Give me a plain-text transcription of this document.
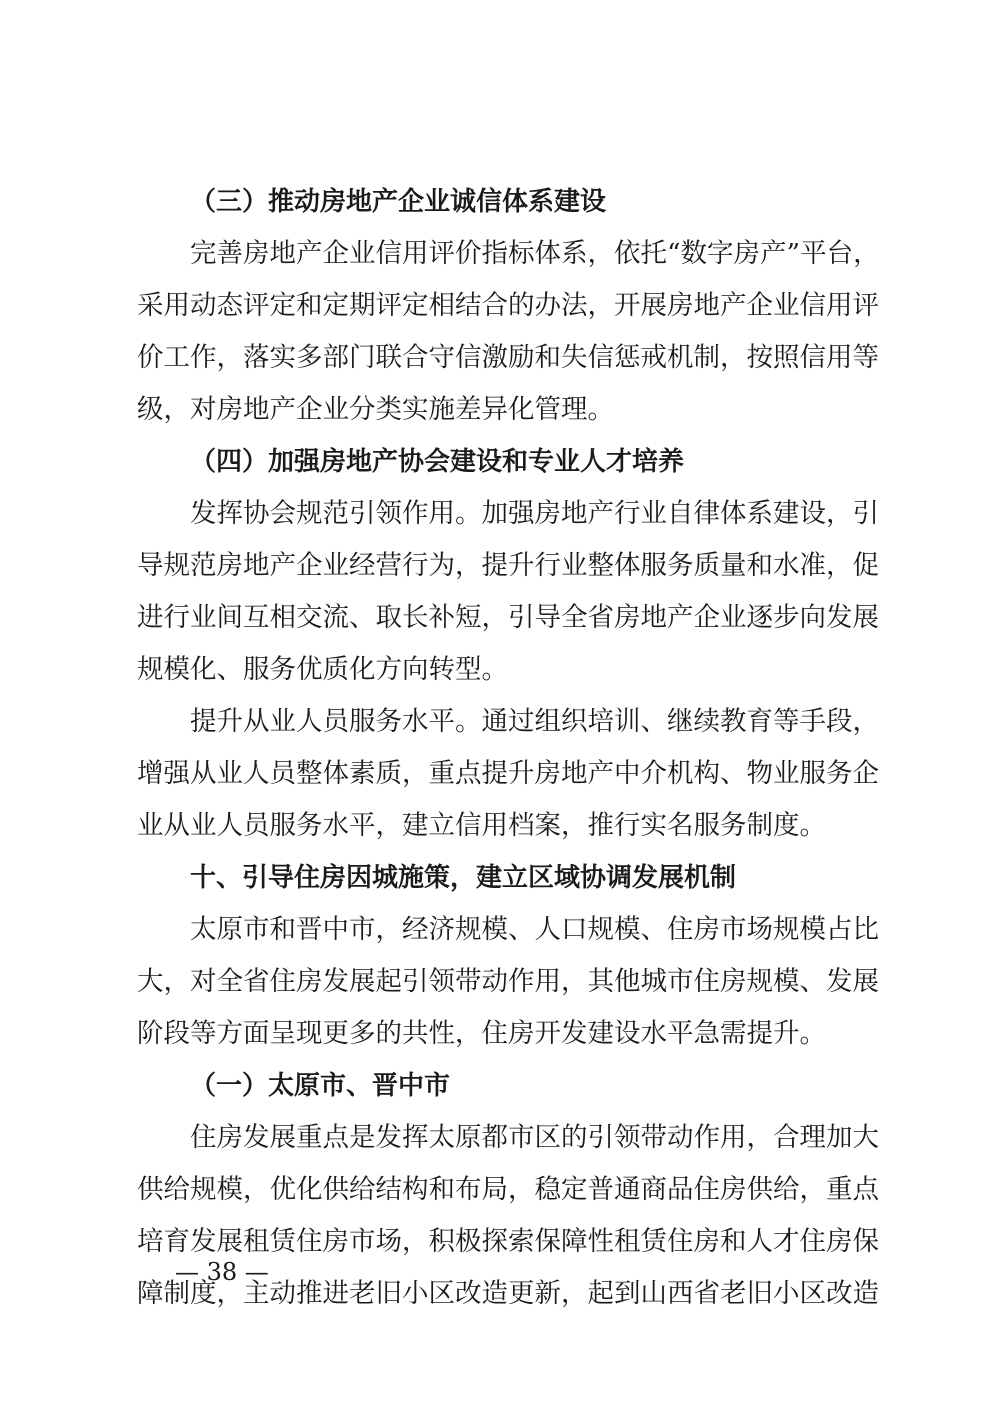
（三）推动房地产企业诚信体系建设
完善房地产企业信用评价指标体系，依托“数字房产”平台，
采用动态评定和定期评定相结合的办法，开展房地产企业信用评
价工作，落实多部门联合守信激励和失信惩戒机制，按照信用等
级，对房地产企业分类实施差异化管理。
（四）加强房地产协会建设和专业人才培养
发挥协会规范引领作用。加强房地产行业自律体系建设，引
导规范房地产企业经营行为，提升行业整体服务质量和水准，促
进行业间互相交流、取长补短，引导全省房地产企业逐步向发展
规模化、服务优质化方向转型。
提升从业人员服务水平。通过组织培训、继续教育等手段，
增强从业人员整体素质，重点提升房地产中介机构、物业服务企
业从业人员服务水平，建立信用档案，推行实名服务制度。
十、引导住房因城施策，建立区域协调发展机制
太原市和晋中市，经济规模、人口规模、住房市场规模占比
大，对全省住房发展起引领带动作用，其他城市住房规模、发展
阶段等方面呈现更多的共性，住房开发建设水平急需提升。
（一）太原市、晋中市
住房发展重点是发挥太原都市区的引领带动作用，合理加大
供给规模，优化供给结构和布局，稳定普通商品住房供给，重点
培育发展租赁住房市场，积极探索保障性租赁住房和人才住房保
障制度，主动推进老旧小区改造更新，起到山西省老旧小区改造
— 38 —
